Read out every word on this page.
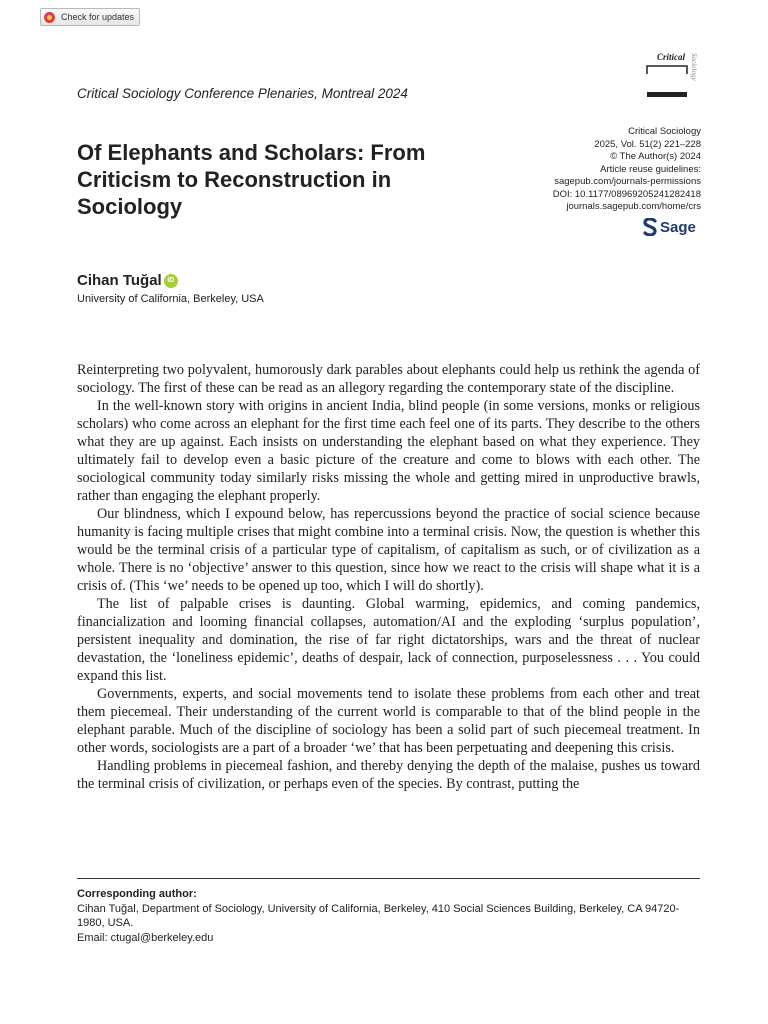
Check for updates
Critical Sociology
Critical Sociology Conference Plenaries, Montreal 2024
Of Elephants and Scholars: From Criticism to Reconstruction in Sociology
Critical Sociology
2025, Vol. 51(2) 221–228
© The Author(s) 2024
Article reuse guidelines:
sagepub.com/journals-permissions
DOI: 10.1177/08969205241282418
journals.sagepub.com/home/crs
Sage
Cihan Tuğal iD
University of California, Berkeley, USA

Reinterpreting two polyvalent, humorously dark parables about elephants could help us rethink the agenda of sociology. The first of these can be read as an allegory regarding the contemporary state of the discipline.

In the well-known story with origins in ancient India, blind people (in some versions, monks or religious scholars) who come across an elephant for the first time each feel one of its parts. They describe to the others what they are up against. Each insists on understanding the elephant based on what they experience. They ultimately fail to develop even a basic picture of the creature and come to blows with each other. The sociological community today similarly risks missing the whole and getting mired in unproductive brawls, rather than engaging the elephant properly.

Our blindness, which I expound below, has repercussions beyond the practice of social science because humanity is facing multiple crises that might combine into a terminal crisis. Now, the question is whether this would be the terminal crisis of a particular type of capitalism, of capitalism as such, or of civilization as a whole. There is no ‘objective’ answer to this question, since how we react to the crisis will shape what it is a crisis of. (This ‘we’ needs to be opened up too, which I will do shortly).

The list of palpable crises is daunting. Global warming, epidemics, and coming pandemics, financialization and looming financial collapses, automation/AI and the exploding ‘surplus population’, persistent inequality and domination, the rise of far right dictatorships, wars and the threat of nuclear devastation, the ‘loneliness epidemic’, deaths of despair, lack of connection, purposelessness . . . You could expand this list.

Governments, experts, and social movements tend to isolate these problems from each other and treat them piecemeal. Their understanding of the current world is comparable to that of the blind people in the elephant parable. Much of the discipline of sociology has been a solid part of such piecemeal treatment. In other words, sociologists are a part of a broader ‘we’ that has been perpetuating and deepening this crisis.

Handling problems in piecemeal fashion, and thereby denying the depth of the malaise, pushes us toward the terminal crisis of civilization, or perhaps even of the species. By contrast, putting the

Corresponding author:
Cihan Tuğal, Department of Sociology, University of California, Berkeley, 410 Social Sciences Building, Berkeley, CA 94720-1980, USA.
Email: ctugal@berkeley.edu
